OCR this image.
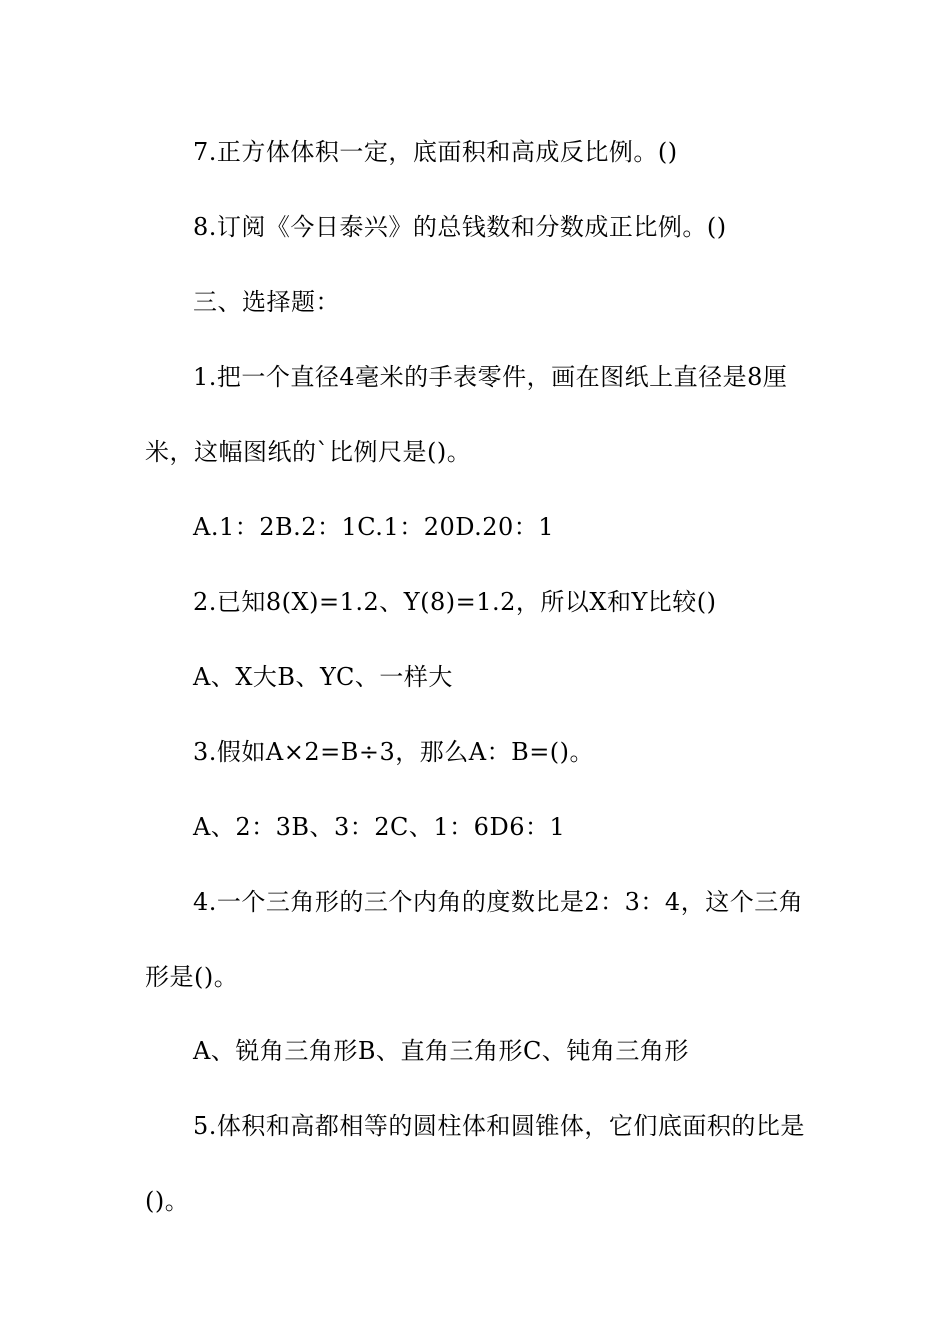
7.正方体体积一定，底面积和高成反比例。()
8.订阅《今日泰兴》的总钱数和分数成正比例。()
三、选择题：
1.把一个直径4毫米的手表零件，画在图纸上直径是8厘
米，这幅图纸的`比例尺是()。
A.1：2B.2：1C.1：20D.20：1
2.已知8(X)=1.2、Y(8)=1.2，所以X和Y比较()
A、X大B、YC、一样大
3.假如A×2=B÷3，那么A：B=()。
A、2：3B、3：2C、1：6D6：1
4.一个三角形的三个内角的度数比是2：3：4，这个三角
形是()。
A、锐角三角形B、直角三角形C、钝角三角形
5.体积和高都相等的圆柱体和圆锥体，它们底面积的比是
()。
